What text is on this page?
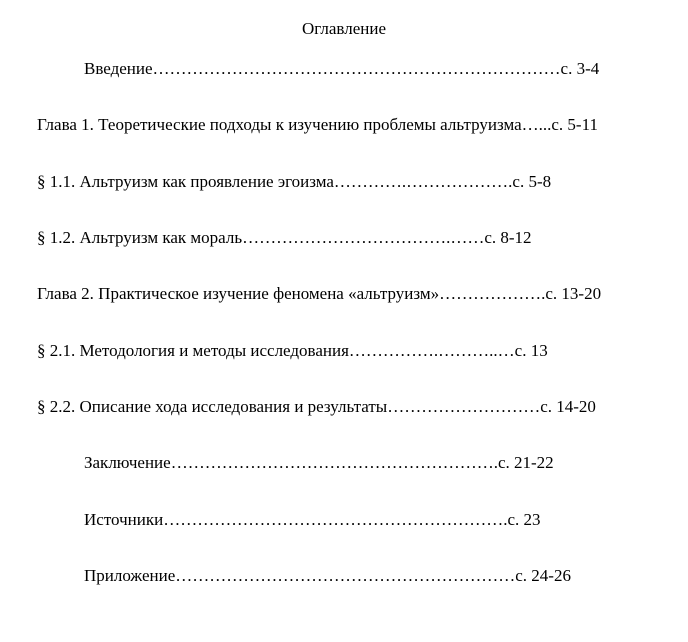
Оглавление
Введение………………………………………………………………с. 3-4
Глава 1. Теоретические подходы к изучению проблемы альтруизма…...с. 5-11
§ 1.1. Альтруизм как проявление эгоизма………….……………….с. 5-8
§ 1.2. Альтруизм как мораль……………………………….……с. 8-12
Глава 2. Практическое изучение феномена «альтруизм»……………….с. 13-20
§ 2.1. Методология и методы исследования…………….………..…с. 13
§ 2.2. Описание хода исследования и результаты………………………с. 14-20
Заключение………………………………………………….с. 21-22
Источники…………………………………………………….с. 23
Приложение……………………………………………………с. 24-26
